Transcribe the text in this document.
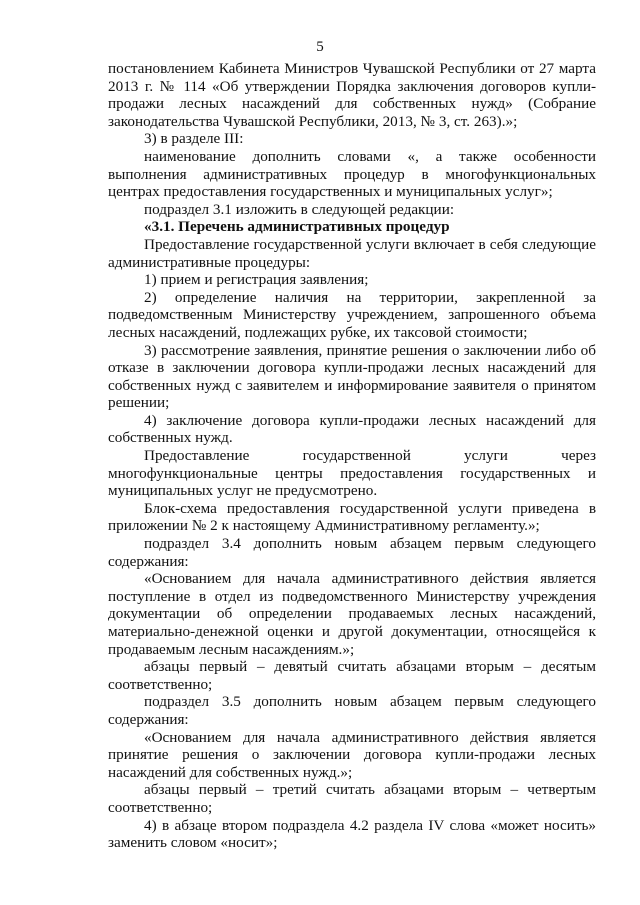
5

постановлением Кабинета Министров Чувашской Республики от 27 марта 2013 г. № 114 «Об утверждении Порядка заключения договоров купли-продажи лесных насаждений для собственных нужд» (Собрание законодательства Чувашской Республики, 2013, № 3, ст. 263).»;

3) в разделе III:

наименование дополнить словами «, а также особенности выполнения административных процедур в многофункциональных центрах предоставления государственных и муниципальных услуг»;

подраздел 3.1 изложить в следующей редакции:

«3.1. Перечень административных процедур

Предоставление государственной услуги включает в себя следующие административные процедуры:

1) прием и регистрация заявления;

2) определение наличия на территории, закрепленной за подведомственным Министерству учреждением, запрошенного объема лесных насаждений, подлежащих рубке, их таксовой стоимости;

3) рассмотрение заявления, принятие решения о заключении либо об отказе в заключении договора купли-продажи лесных насаждений для собственных нужд с заявителем и информирование заявителя о принятом решении;

4) заключение договора купли-продажи лесных насаждений для собственных нужд.

Предоставление государственной услуги через многофункциональные центры предоставления государственных и муниципальных услуг не предусмотрено.

Блок-схема предоставления государственной услуги приведена в приложении № 2 к настоящему Административному регламенту.»;

подраздел 3.4 дополнить новым абзацем первым следующего содержания:

«Основанием для начала административного действия является поступление в отдел из подведомственного Министерству учреждения документации об определении продаваемых лесных насаждений, материально-денежной оценки и другой документации, относящейся к продаваемым лесным насаждениям.»;

абзацы первый – девятый считать абзацами вторым – десятым соответственно;

подраздел 3.5 дополнить новым абзацем первым следующего содержания:

«Основанием для начала административного действия является принятие решения о заключении договора купли-продажи лесных насаждений для собственных нужд.»;

абзацы первый – третий считать абзацами вторым – четвертым соответственно;

4) в абзаце втором подраздела 4.2 раздела IV слова «может носить» заменить словом «носит»;
